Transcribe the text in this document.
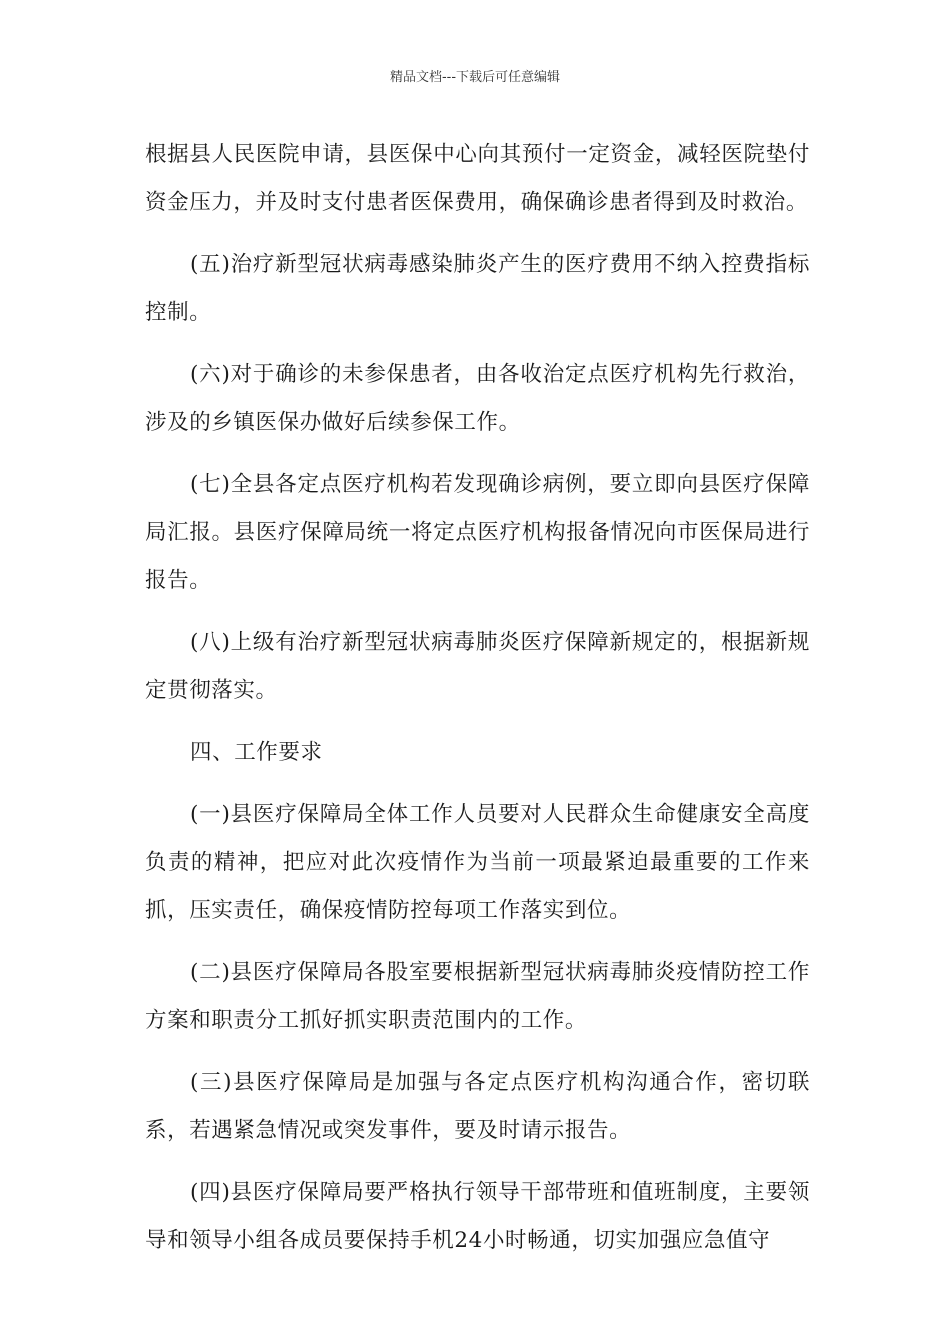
精品文档---下载后可任意编辑

根据县人民医院申请，县医保中心向其预付一定资金，减轻医院垫付资金压力，并及时支付患者医保费用，确保确诊患者得到及时救治。

(五)治疗新型冠状病毒感染肺炎产生的医疗费用不纳入控费指标控制。

(六)对于确诊的未参保患者，由各收治定点医疗机构先行救治，涉及的乡镇医保办做好后续参保工作。

(七)全县各定点医疗机构若发现确诊病例，要立即向县医疗保障局汇报。县医疗保障局统一将定点医疗机构报备情况向市医保局进行报告。

(八)上级有治疗新型冠状病毒肺炎医疗保障新规定的，根据新规定贯彻落实。

四、工作要求

(一)县医疗保障局全体工作人员要对人民群众生命健康安全高度负责的精神，把应对此次疫情作为当前一项最紧迫最重要的工作来抓，压实责任，确保疫情防控每项工作落实到位。

(二)县医疗保障局各股室要根据新型冠状病毒肺炎疫情防控工作方案和职责分工抓好抓实职责范围内的工作。

(三)县医疗保障局是加强与各定点医疗机构沟通合作，密切联系，若遇紧急情况或突发事件，要及时请示报告。

(四)县医疗保障局要严格执行领导干部带班和值班制度，主要领导和领导小组各成员要保持手机24小时畅通，切实加强应急值守
